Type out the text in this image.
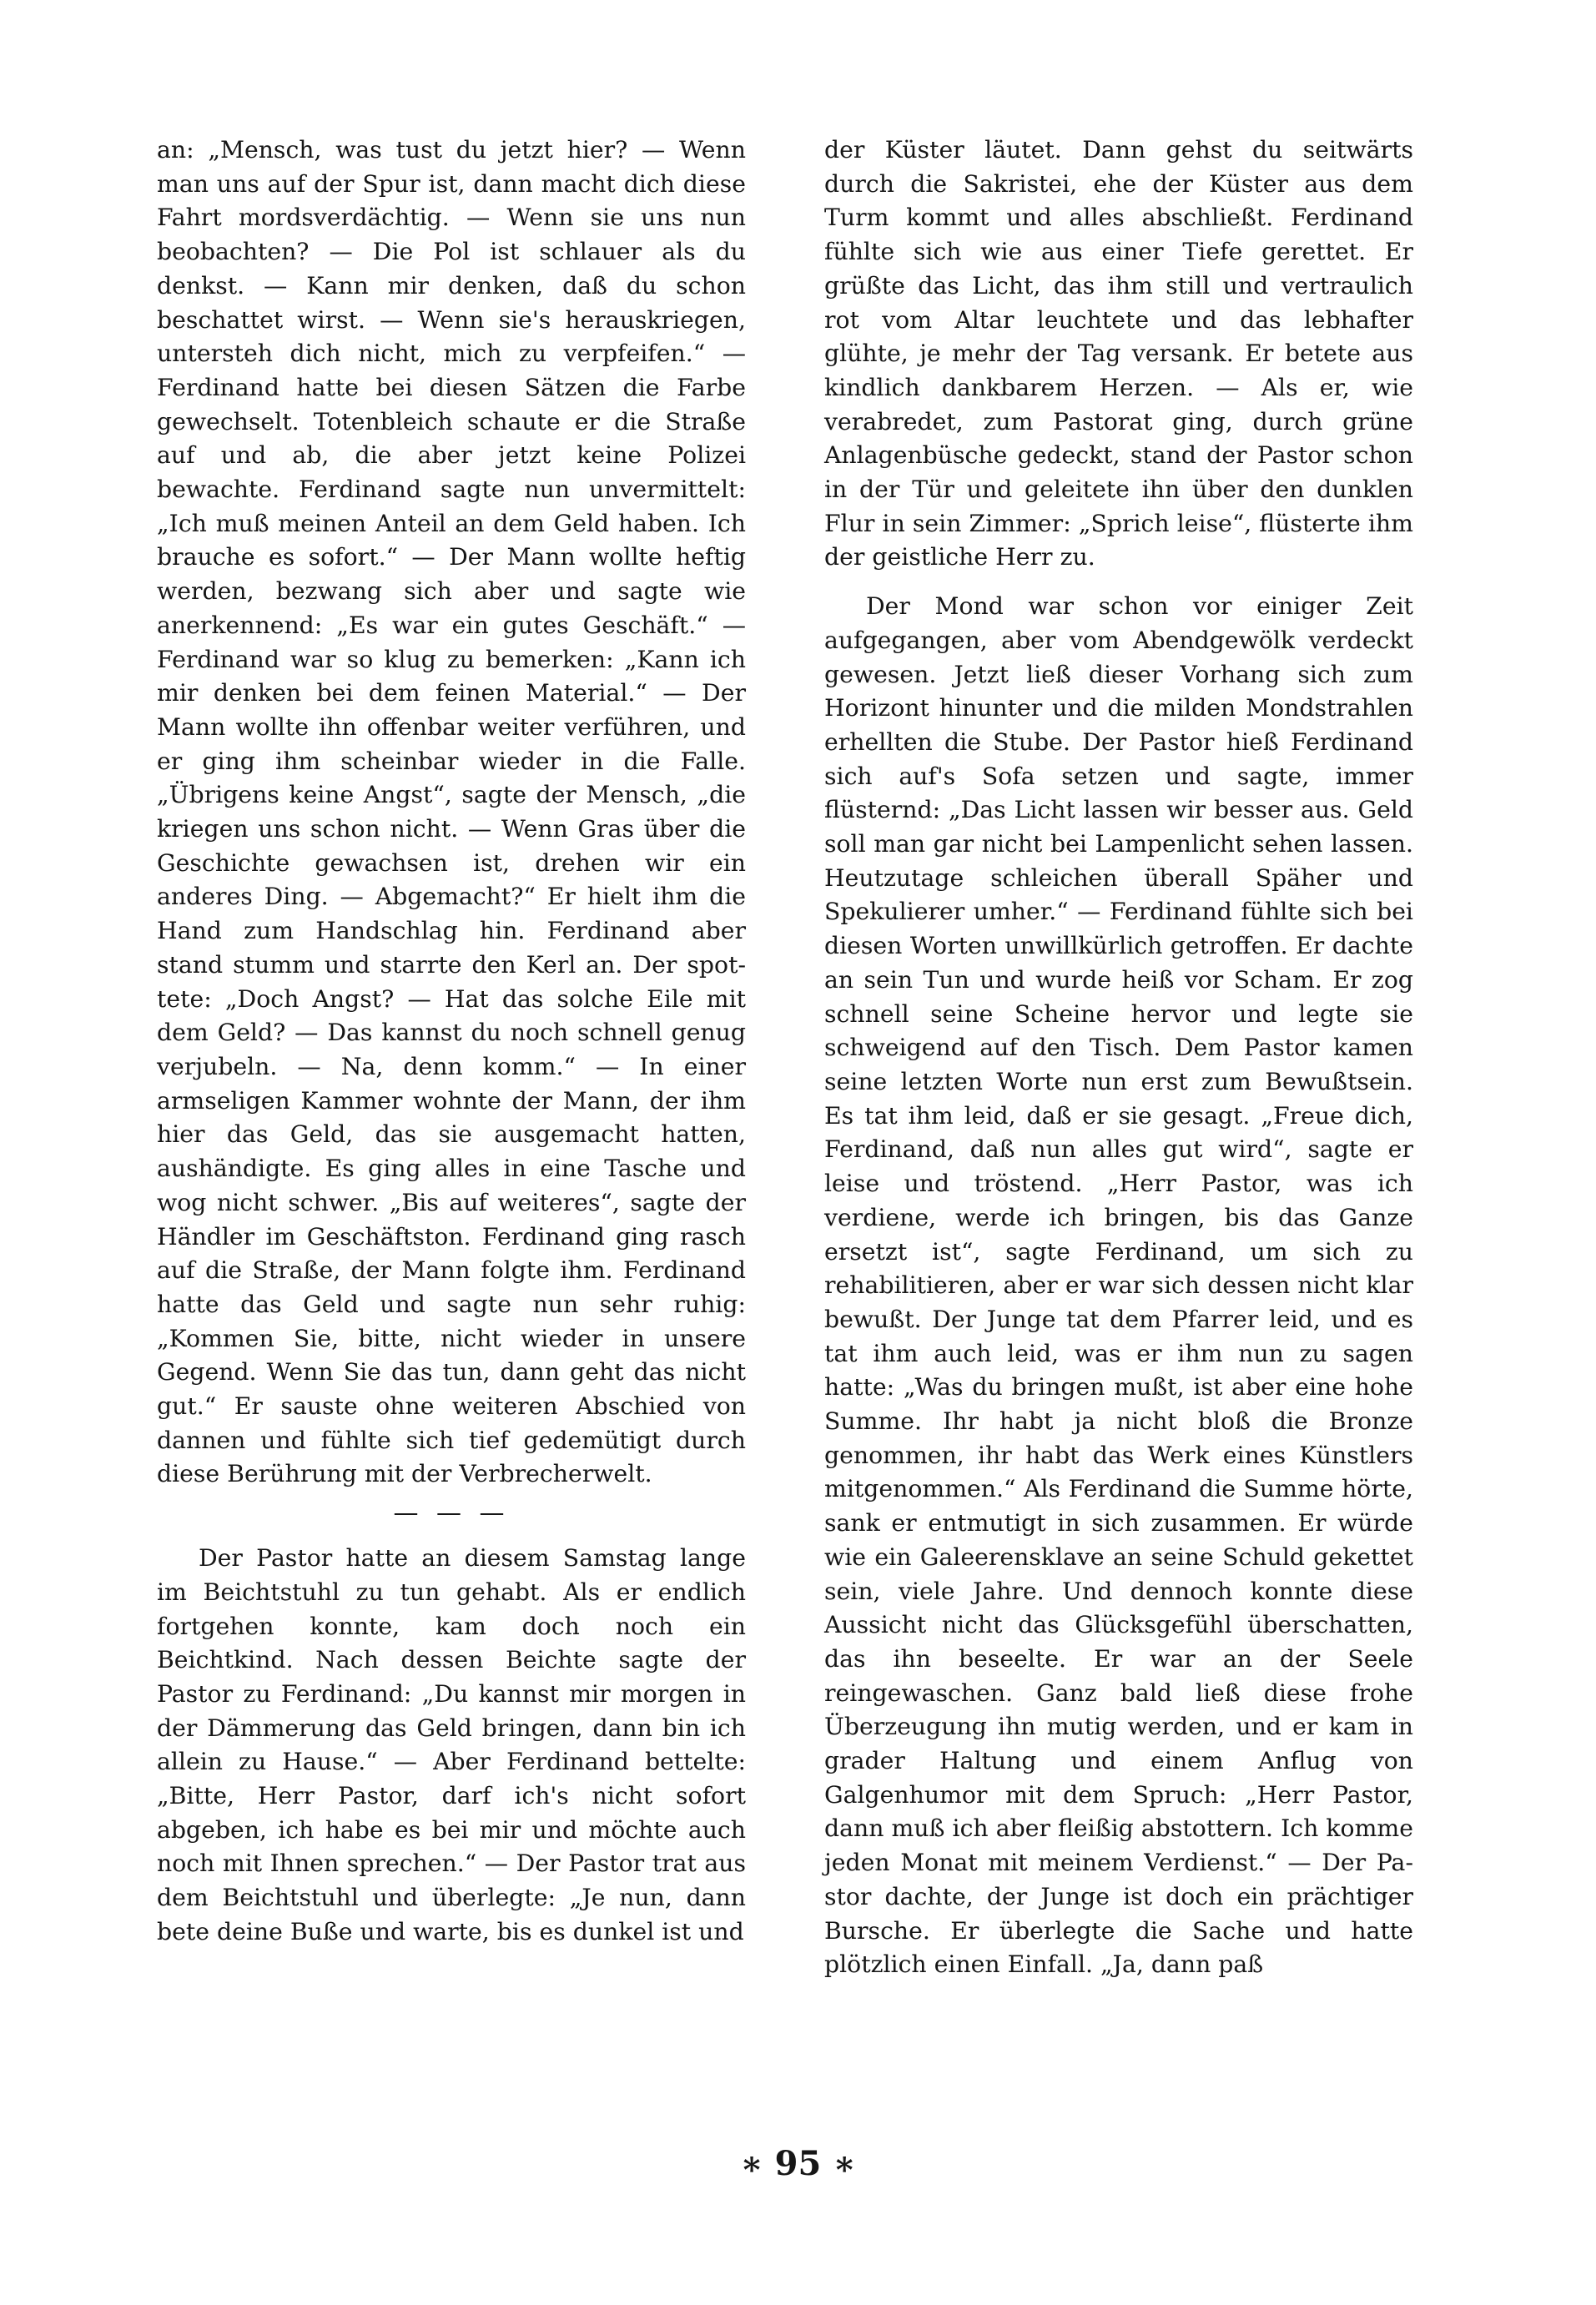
an: „Mensch, was tust du jetzt hier? — Wenn man uns auf der Spur ist, dann macht dich diese Fahrt mordsverdächtig. — Wenn sie uns nun beobachten? — Die Pol ist schlauer als du denkst. — Kann mir denken, daß du schon beschattet wirst. — Wenn sie's herauskriegen, untersteh dich nicht, mich zu verpfeifen.“ — Ferdinand hatte bei diesen Sätzen die Farbe gewechselt. Totenbleich schaute er die Straße auf und ab, die aber jetzt keine Polizei bewachte. Ferdinand sagte nun unvermittelt: „Ich muß meinen Anteil an dem Geld haben. Ich brauche es sofort.“ — Der Mann wollte heftig werden, bezwang sich aber und sagte wie anerkennend: „Es war ein gutes Geschäft.“ — Ferdinand war so klug zu bemerken: „Kann ich mir denken bei dem feinen Material.“ — Der Mann wollte ihn offenbar weiter verführen, und er ging ihm scheinbar wieder in die Falle. „Übrigens keine Angst“, sagte der Mensch, „die kriegen uns schon nicht. — Wenn Gras über die Geschichte gewachsen ist, drehen wir ein anderes Ding. — Abgemacht?“ Er hielt ihm die Hand zum Handschlag hin. Ferdinand aber stand stumm und starrte den Kerl an. Der spottete: „Doch Angst? — Hat das solche Eile mit dem Geld? — Das kannst du noch schnell genug verjubeln. — Na, denn komm.“ — In einer armseligen Kammer wohnte der Mann, der ihm hier das Geld, das sie ausgemacht hatten, aushändigte. Es ging alles in eine Tasche und wog nicht schwer. „Bis auf weiteres“, sagte der Händler im Geschäftston. Ferdinand ging rasch auf die Straße, der Mann folgte ihm. Ferdinand hatte das Geld und sagte nun sehr ruhig: „Kommen Sie, bitte, nicht wieder in unsere Gegend. Wenn Sie das tun, dann geht das nicht gut.“ Er sauste ohne weiteren Abschied von dannen und fühlte sich tief gedemütigt durch diese Berührung mit der Verbrecherwelt.

— — —

Der Pastor hatte an diesem Samstag lange im Beichtstuhl zu tun gehabt. Als er endlich fortgehen konnte, kam doch noch ein Beichtkind. Nach dessen Beichte sagte der Pastor zu Ferdinand: „Du kannst mir morgen in der Dämmerung das Geld bringen, dann bin ich allein zu Hause.“ — Aber Ferdinand bettelte: „Bitte, Herr Pastor, darf ich's nicht sofort abgeben, ich habe es bei mir und möchte auch noch mit Ihnen sprechen.“ — Der Pastor trat aus dem Beichtstuhl und überlegte: „Je nun, dann bete deine Buße und warte, bis es dunkel ist und

der Küster läutet. Dann gehst du seitwärts durch die Sakristei, ehe der Küster aus dem Turm kommt und alles abschließt. Ferdinand fühlte sich wie aus einer Tiefe gerettet. Er grüßte das Licht, das ihm still und vertraulich rot vom Altar leuchtete und das lebhafter glühte, je mehr der Tag versank. Er betete aus kindlich dankbarem Herzen. — Als er, wie verabredet, zum Pastorat ging, durch grüne Anlagenbüsche gedeckt, stand der Pastor schon in der Tür und geleitete ihn über den dunklen Flur in sein Zimmer: „Sprich leise“, flüsterte ihm der geistliche Herr zu.

Der Mond war schon vor einiger Zeit aufgegangen, aber vom Abendgewölk verdeckt gewesen. Jetzt ließ dieser Vorhang sich zum Horizont hinunter und die milden Mondstrahlen erhellten die Stube. Der Pastor hieß Ferdinand sich auf's Sofa setzen und sagte, immer flüsternd: „Das Licht lassen wir besser aus. Geld soll man gar nicht bei Lampenlicht sehen lassen. Heutzutage schleichen überall Späher und Spekulierer umher.“ — Ferdinand fühlte sich bei diesen Worten unwillkürlich getroffen. Er dachte an sein Tun und wurde heiß vor Scham. Er zog schnell seine Scheine hervor und legte sie schweigend auf den Tisch. Dem Pastor kamen seine letzten Worte nun erst zum Bewußtsein. Es tat ihm leid, daß er sie gesagt. „Freue dich, Ferdinand, daß nun alles gut wird“, sagte er leise und tröstend. „Herr Pastor, was ich verdiene, werde ich bringen, bis das Ganze ersetzt ist“, sagte Ferdinand, um sich zu rehabilitieren, aber er war sich dessen nicht klar bewußt. Der Junge tat dem Pfarrer leid, und es tat ihm auch leid, was er ihm nun zu sagen hatte: „Was du bringen mußt, ist aber eine hohe Summe. Ihr habt ja nicht bloß die Bronze genommen, ihr habt das Werk eines Künstlers mitgenommen.“ Als Ferdinand die Summe hörte, sank er entmutigt in sich zusammen. Er würde wie ein Galeerensklave an seine Schuld gekettet sein, viele Jahre. Und dennoch konnte diese Aussicht nicht das Glücksgefühl überschatten, das ihn beseelte. Er war an der Seele reingewaschen. Ganz bald ließ diese frohe Überzeugung ihn mutig werden, und er kam in grader Haltung und einem Anflug von Galgenhumor mit dem Spruch: „Herr Pastor, dann muß ich aber fleißig abstottern. Ich komme jeden Monat mit meinem Verdienst.“ — Der Pastor dachte, der Junge ist doch ein prächtiger Bursche. Er überlegte die Sache und hatte plötzlich einen Einfall. „Ja, dann paß

∗ 95 ∗
